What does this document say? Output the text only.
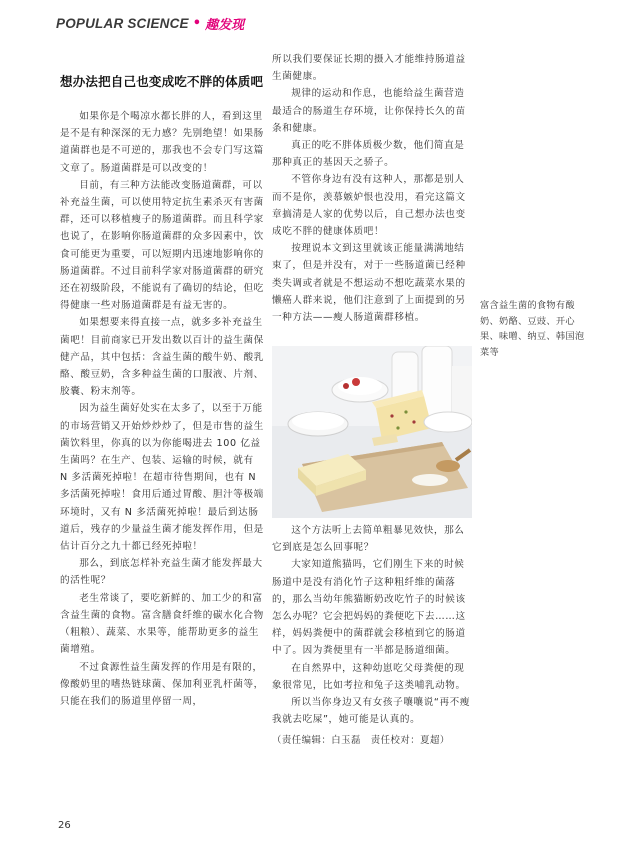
POPULAR SCIENCE • 趣发现
想办法把自己也变成吃不胖的体质吧

如果你是个喝凉水都长胖的人，看到这里是不是有种深深的无力感？先别绝望！如果肠道菌群也是不可逆的，那我也不会专门写这篇文章了。肠道菌群是可以改变的！

目前，有三种方法能改变肠道菌群，可以补充益生菌，可以使用特定抗生素杀灭有害菌群，还可以移植瘦子的肠道菌群。而且科学家也说了，在影响你肠道菌群的众多因素中，饮食可能更为重要，可以短期内迅速地影响你的肠道菌群。不过目前科学家对肠道菌群的研究还在初级阶段，不能说有了确切的结论，但吃得健康一些对肠道菌群是有益无害的。

如果想要来得直接一点，就多多补充益生菌吧！目前商家已开发出数以百计的益生菌保健产品，其中包括：含益生菌的酸牛奶、酸乳酪、酸豆奶，含多种益生菌的口服液、片剂、胶囊、粉末剂等。

因为益生菌好处实在太多了，以至于万能的市场营销又开始炒炒炒了，但是市售的益生菌饮料里，你真的以为你能喝进去 100 亿益生菌吗？在生产、包装、运输的时候，就有 N 多活菌死掉啦！在超市待售期间，也有 N 多活菌死掉啦！食用后通过胃酸、胆汁等极端环境时，又有 N 多活菌死掉啦！最后到达肠道后，残存的少量益生菌才能发挥作用，但是估计百分之九十都已经死掉啦！

那么，到底怎样补充益生菌才能发挥最大的活性呢？

老生常谈了，要吃新鲜的、加工少的和富含益生菌的食物。富含膳食纤维的碳水化合物（粗粮）、蔬菜、水果等，能帮助更多的益生菌增殖。

不过食源性益生菌发挥的作用是有限的，像酸奶里的嗜热链球菌、保加利亚乳杆菌等，只能在我们的肠道里停留一周，

所以我们要保证长期的摄入才能维持肠道益生菌健康。

规律的运动和作息，也能给益生菌营造最适合的肠道生存环境，让你保持长久的苗条和健康。

真正的吃不胖体质极少数，他们简直是那种真正的基因天之骄子。

不管你身边有没有这种人，那都是别人而不是你，羡慕嫉妒恨也没用，看完这篇文章搞清是人家的优势以后，自己想办法也变成吃不胖的健康体质吧！

按理说本文到这里就该正能量满满地结束了，但是并没有，对于一些肠道菌已经种类失调或者就是不想运动不想吃蔬菜水果的懒癌人群来说，他们注意到了上面提到的另一种方法——瘦人肠道菌群移植。

富含益生菌的食物有酸奶、奶酪、豆豉、开心果、味噌、纳豆、韩国泡菜等

这个方法听上去简单粗暴见效快，那么它到底是怎么回事呢？

大家知道熊猫吗，它们刚生下来的时候肠道中是没有消化竹子这种粗纤维的菌落的，那么当幼年熊猫断奶改吃竹子的时候该怎么办呢？它会把妈妈的粪便吃下去……这样，妈妈粪便中的菌群就会移植到它的肠道中了。因为粪便里有一半都是肠道细菌。

在自然界中，这种幼崽吃父母粪便的现象很常见，比如考拉和兔子这类哺乳动物。

所以当你身边又有女孩子嚷嚷说“再不瘦我就去吃屎”，她可能是认真的。

（责任编辑：白玉磊　责任校对：夏超）

26
